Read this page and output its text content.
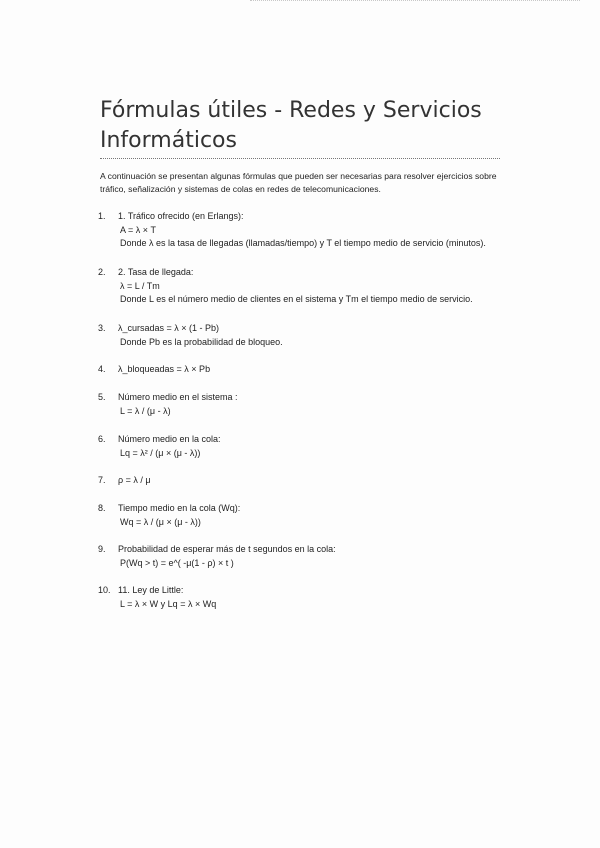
Fórmulas útiles - Redes y Servicios Informáticos

A continuación se presentan algunas fórmulas que pueden ser necesarias para resolver ejercicios sobre tráfico, señalización y sistemas de colas en redes de telecomunicaciones.

1.	1. Tráfico ofrecido (en Erlangs):
A = λ × T
Donde λ es la tasa de llegadas (llamadas/tiempo) y T el tiempo medio de servicio (minutos).
2.	2. Tasa de llegada:
λ = L / Tm
Donde L es el número medio de clientes en el sistema y Tm el tiempo medio de servicio.
3.	λ_cursadas = λ × (1 - Pb)
Donde Pb es la probabilidad de bloqueo.
4.	λ_bloqueadas = λ × Pb
5.	Número medio en el sistema :
L = λ / (μ - λ)
6.	Número medio en la cola:
Lq = λ² / (μ × (μ - λ))
7.	ρ = λ / μ
8.	Tiempo medio en la cola (Wq):
Wq = λ / (μ × (μ - λ))
9.	Probabilidad de esperar más de t segundos en la cola:
P(Wq > t) = e^( -μ(1 - ρ) × t )
10. 11. Ley de Little:
L = λ × W y Lq = λ × Wq
